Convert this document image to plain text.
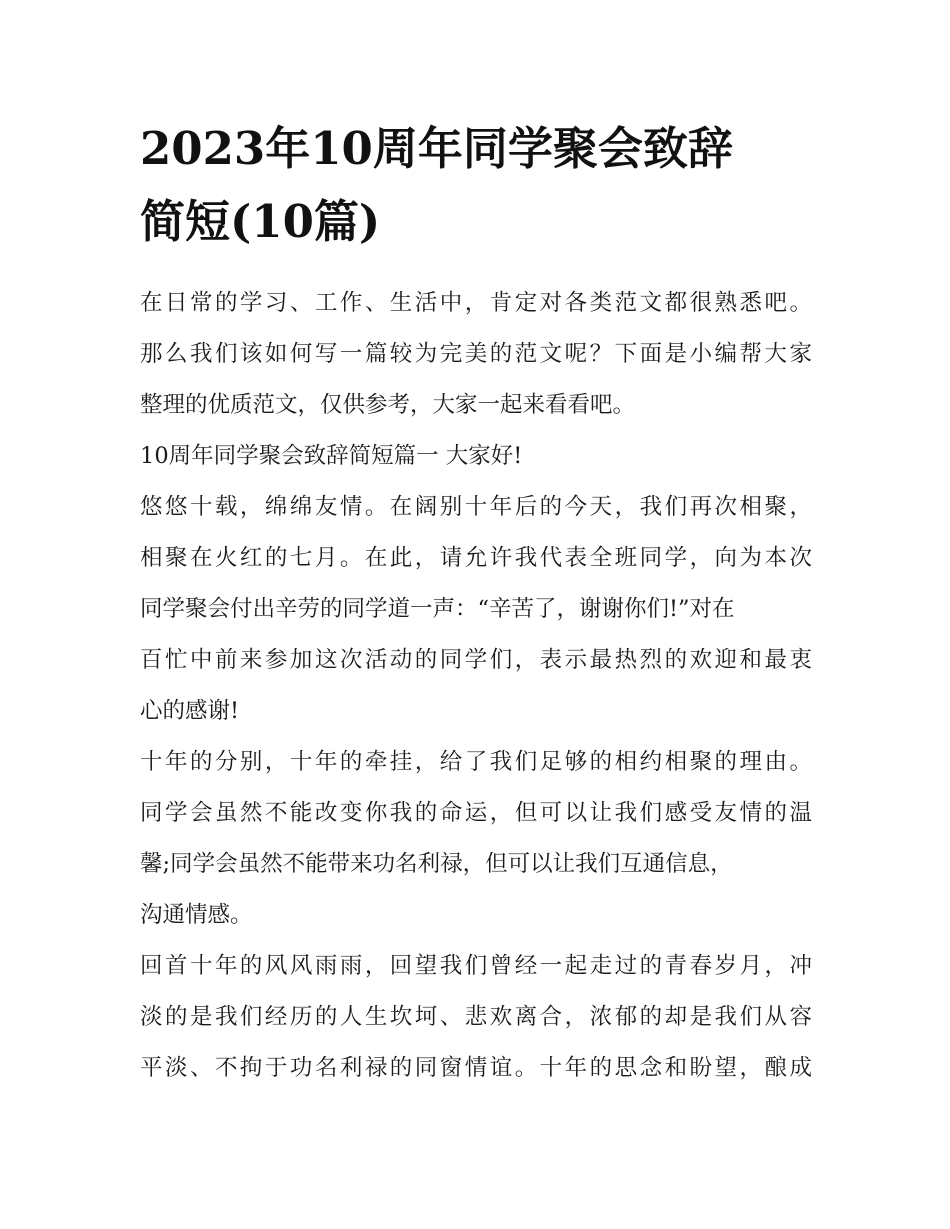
2023年10周年同学聚会致辞
简短(10篇)
在日常的学习、工作、生活中，肯定对各类范文都很熟悉吧。
那么我们该如何写一篇较为完美的范文呢？下面是小编帮大家
整理的优质范文，仅供参考，大家一起来看看吧。
10周年同学聚会致辞简短篇一 大家好!
悠悠十载，绵绵友情。在阔别十年后的今天，我们再次相聚，
相聚在火红的七月。在此，请允许我代表全班同学，向为本次
同学聚会付出辛劳的同学道一声：“辛苦了，谢谢你们!”对在
百忙中前来参加这次活动的同学们，表示最热烈的欢迎和最衷
心的感谢!
十年的分别，十年的牵挂，给了我们足够的相约相聚的理由。
同学会虽然不能改变你我的命运，但可以让我们感受友情的温
馨;同学会虽然不能带来功名利禄，但可以让我们互通信息，
沟通情感。
回首十年的风风雨雨，回望我们曾经一起走过的青春岁月，冲
淡的是我们经历的人生坎坷、悲欢离合，浓郁的却是我们从容
平淡、不拘于功名利禄的同窗情谊。十年的思念和盼望，酿成
